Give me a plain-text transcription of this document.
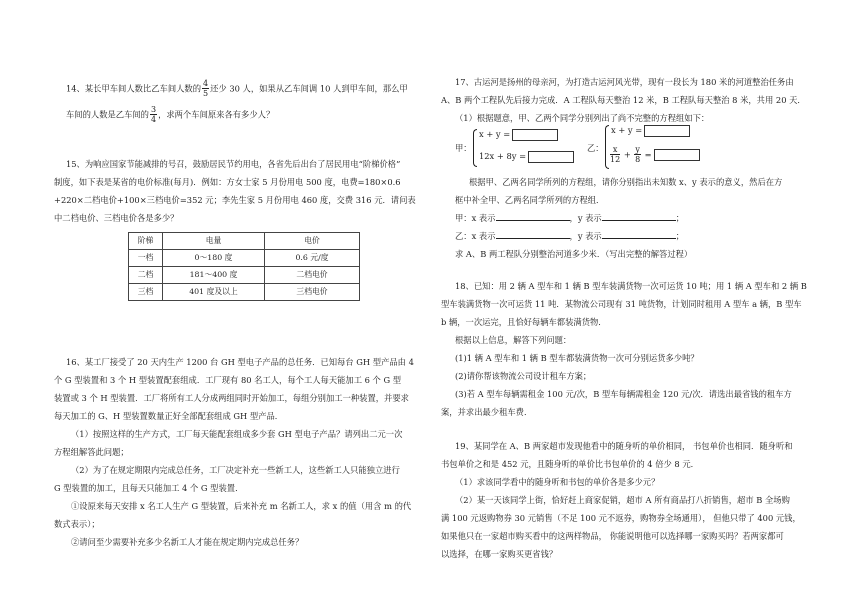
14、某长甲车间人数比乙车间人数的 $\frac{4}{5}$ 还少 30 人，如果从乙车间调 10 人到甲车间，那么甲
车间的人数是乙车间的 $\frac{3}{4}$ ，求两个车间原来各有多少人？
15、为响应国家节能减排的号召，鼓励居民节约用电，各省先后出台了居民用电“阶梯价格”
制度，如下表是某省的电价标准(每月)．例如：方女士家 5 月份用电 500 度，电费=180×0.6
+220×二档电价+100×三档电价=352 元；李先生家 5 月份用电 460 度，交费 316 元．请问表
中二档电价、三档电价各是多少？
阶梯	电量	电价
一档	0～180 度	0.6 元/度
二档	181～400 度	二档电价
三档	401 度及以上	三档电价
16、某工厂接受了 20 天内生产 1200 台 GH 型电子产品的总任务．已知每台 GH 型产品由 4
个 G 型装置和 3 个 H 型装置配套组成．工厂现有 80 名工人，每个工人每天能加工 6 个 G 型
装置或 3 个 H 型装置．工厂将所有工人分成两组同时开始加工，每组分别加工一种装置，并要求
每天加工的 G、H 型装置数量正好全部配套组成 GH 型产品．
（1）按照这样的生产方式，工厂每天能配套组成多少套 GH 型电子产品？请列出二元一次
方程组解答此问题；
（2）为了在规定期限内完成总任务，工厂决定补充一些新工人，这些新工人只能独立进行
G 型装置的加工，且每天只能加工 4 个 G 型装置．
①设原来每天安排 x 名工人生产 G 型装置，后来补充 m 名新工人，求 x 的值（用含 m 的代
数式表示）；
②请问至少需要补充多少名新工人才能在规定期内完成总任务？
17、古运河是扬州的母亲河，为打造古运河风光带，现有一段长为 180 米的河道整治任务由
A、B 两个工程队先后接力完成．A 工程队每天整治 12 米，B 工程队每天整治 8 米，共用 20 天．
（1）根据题意，甲、乙两个同学分别列出了尚不完整的方程组如下：
甲：
x + y =
12x + 8y =
乙：
x + y =
$\frac{x}{12} + \frac{y}{8}$ =
根据甲、乙两名同学所列的方程组，请你分别指出未知数 x、y 表示的意义，然后在方
框中补全甲、乙两名同学所列的方程组．
甲：x 表示	，y 表示	；
乙：x 表示	，y 表示	；
求 A、B 两工程队分别整治河道多少米．（写出完整的解答过程）
18、已知：用 2 辆 A 型车和 1 辆 B 型车装满货物一次可运货 10 吨；用 1 辆 A 型车和 2 辆 B
型车装满货物一次可运货 11 吨．某物流公司现有 31 吨货物，计划同时租用 A 型车 a 辆，B 型车
b 辆，一次运完，且恰好每辆车都装满货物．
根据以上信息，解答下列问题：
(1)1 辆 A 型车和 1 辆 B 型车都装满货物一次可分别运货多少吨？
(2)请你帮该物流公司设计租车方案；
(3)若 A 型车每辆需租金 100 元/次，B 型车每辆需租金 120 元/次．请选出最省钱的租车方
案，并求出最少租车费．
19、某同学在 A、B 两家超市发现他看中的随身听的单价相同， 书包单价也相同．随身听和
书包单价之和是 452 元，且随身听的单价比书包单价的 4 倍少 8 元．
（1）求该同学看中的随身听和书包的单价各是多少元？
（2）某一天该同学上街，恰好赶上商家促销，超市 A 所有商品打八折销售，超市 B 全场购
满 100 元返购物券 30 元销售（不足 100 元不返券，购物券全场通用）， 但他只带了 400 元钱，
如果他只在一家超市购买看中的这两样物品， 你能说明他可以选择哪一家购买吗？若两家都可
以选择，在哪一家购买更省钱？
